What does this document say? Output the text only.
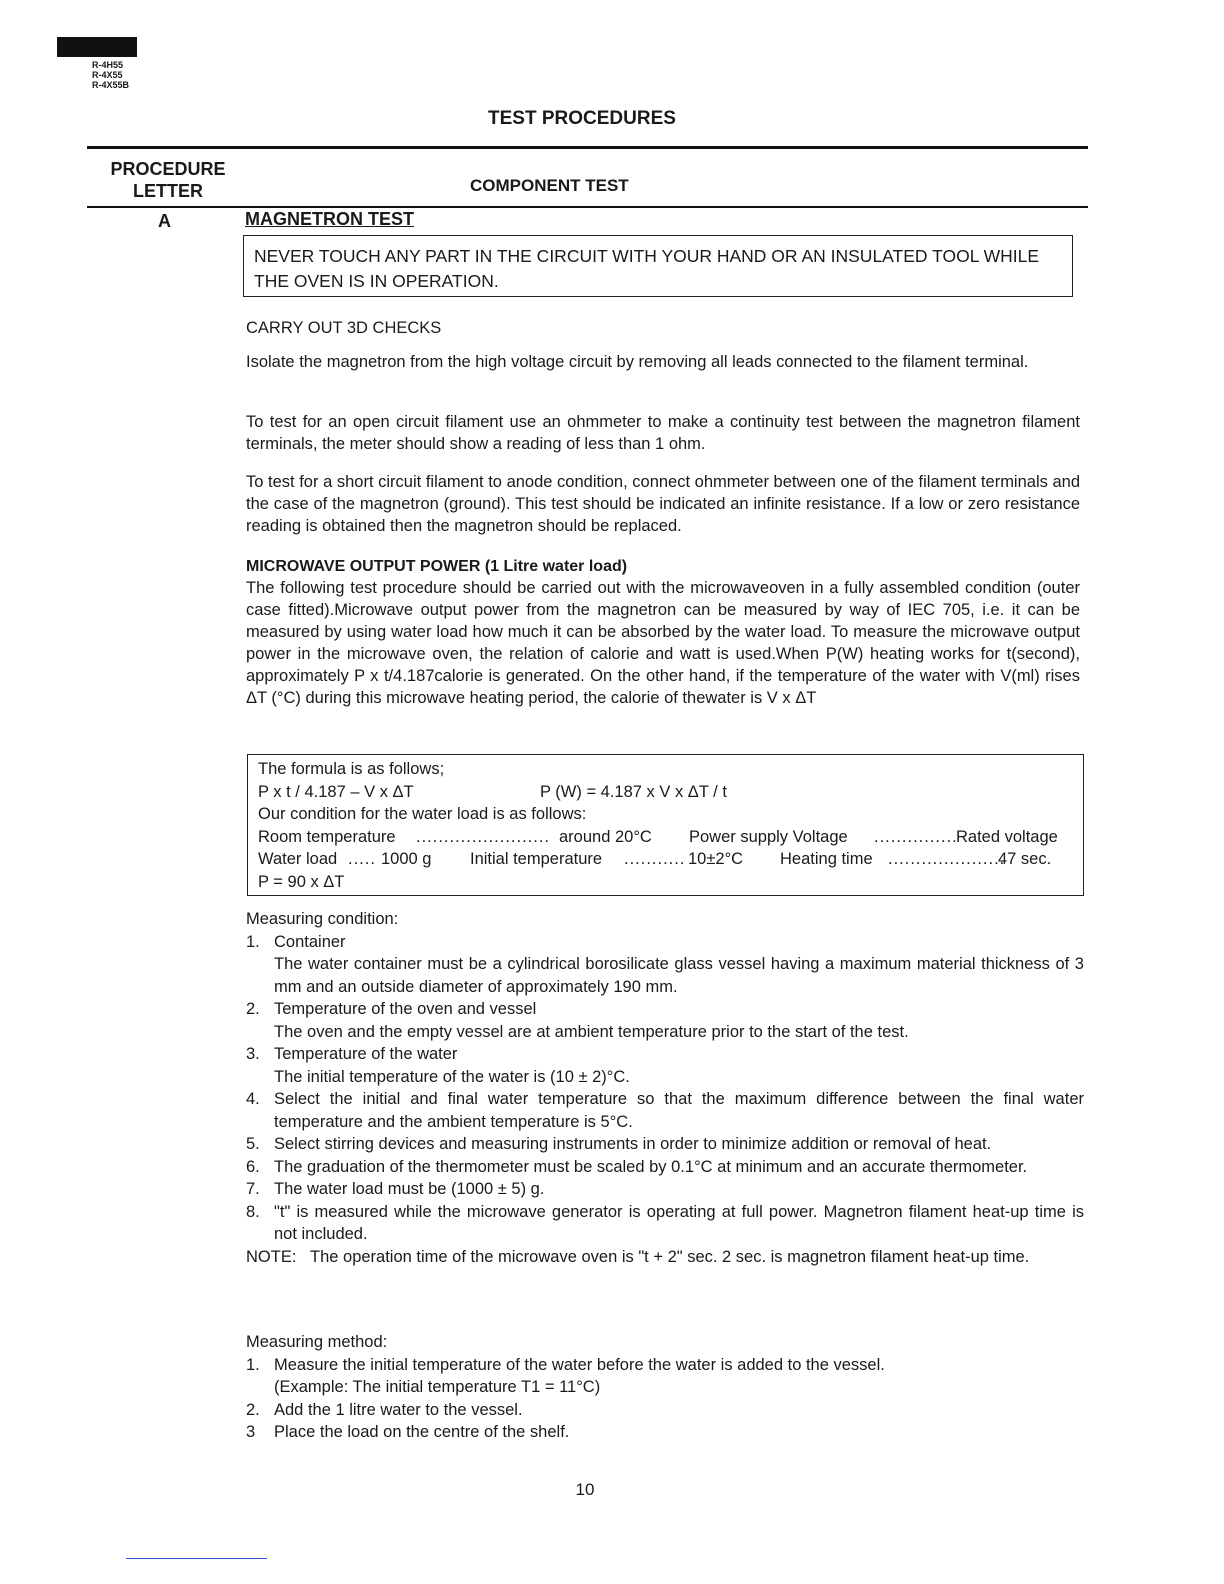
R-4H55
R-4X55
R-4X55B
TEST PROCEDURES
PROCEDURE
LETTER	COMPONENT TEST
A	MAGNETRON TEST
NEVER TOUCH ANY PART IN THE CIRCUIT WITH YOUR HAND OR AN INSULATED TOOL WHILE THE OVEN IS IN OPERATION.
CARRY OUT 3D CHECKS
Isolate the magnetron from the high voltage circuit by removing all leads connected to the filament terminal.
To test for an open circuit filament use an ohmmeter to make a continuity test between the magnetron filament terminals, the meter should show a reading of less than 1 ohm.
To test for a short circuit filament to anode condition, connect ohmmeter between one of the filament terminals and the case of the magnetron (ground). This test should be indicated an infinite resistance. If a low or zero resistance reading is obtained then the magnetron should be replaced.
MICROWAVE OUTPUT POWER (1 Litre water load)
The following test procedure should be carried out with the microwaveoven in a fully assembled condition (outer case fitted).Microwave output power from the magnetron can be measured by way of IEC 705, i.e. it can be measured by using water load how much it can be absorbed by the water load. To measure the microwave output power in the microwave oven, the relation of calorie and watt is used.When P(W) heating works for t(second), approximately P x t/4.187calorie is generated. On the other hand, if the temperature of the water with V(ml) rises ΔT (°C) during this microwave heating period, the calorie of thewater is V x ΔT
The formula is as follows;
P x t / 4.187 – V x ΔT	P (W) = 4.187 x V x ΔT / t
Our condition for the water load is as follows:
Room temperature ........................ around 20°C Power supply Voltage ...............
Rated voltage
Water load ..... 1000 g Initial temperature ........... 10±2°C Heating time .....................
47 sec.
P = 90 x ΔT
Measuring condition:
1. Container
The water container must be a cylindrical borosilicate glass vessel having a maximum material thickness of 3 mm and an outside diameter of approximately 190 mm.
2. Temperature of the oven and vessel
The oven and the empty vessel are at ambient temperature prior to the start of the test.
3. Temperature of the water
The initial temperature of the water is (10 ± 2)°C.
4. Select the initial and final water temperature so that the maximum difference between the final water temperature and the ambient temperature is 5°C.
5. Select stirring devices and measuring instruments in order to minimize addition or removal of heat.
6. The graduation of the thermometer must be scaled by 0.1°C at minimum and an accurate thermometer.
7. The water load must be (1000 ± 5) g.
8. "t" is measured while the microwave generator is operating at full power. Magnetron filament heat-up time is not included.
NOTE: The operation time of the microwave oven is "t + 2" sec. 2 sec. is magnetron filament heat-up time.
Measuring method:
1. Measure the initial temperature of the water before the water is added to the vessel.
(Example: The initial temperature T1 = 11°C)
2. Add the 1 litre water to the vessel.
3 Place the load on the centre of the shelf.
10
